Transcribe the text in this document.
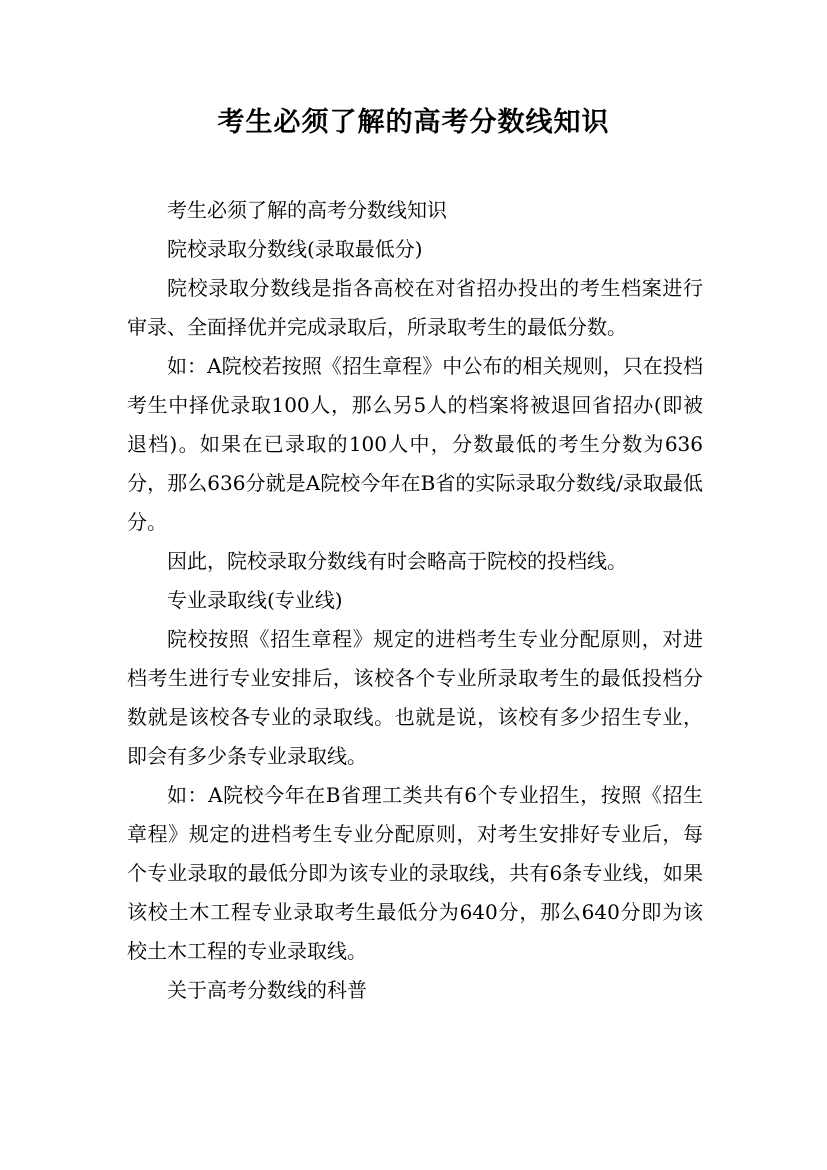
考生必须了解的高考分数线知识

考生必须了解的高考分数线知识

院校录取分数线(录取最低分)

院校录取分数线是指各高校在对省招办投出的考生档案进行审录、全面择优并完成录取后，所录取考生的最低分数。

如：A院校若按照《招生章程》中公布的相关规则，只在投档考生中择优录取100人，那么另5人的档案将被退回省招办(即被退档)。如果在已录取的100人中，分数最低的考生分数为636分，那么636分就是A院校今年在B省的实际录取分数线/录取最低分。

因此，院校录取分数线有时会略高于院校的投档线。

专业录取线(专业线)

院校按照《招生章程》规定的进档考生专业分配原则，对进档考生进行专业安排后，该校各个专业所录取考生的最低投档分数就是该校各专业的录取线。也就是说，该校有多少招生专业，即会有多少条专业录取线。

如：A院校今年在B省理工类共有6个专业招生，按照《招生章程》规定的进档考生专业分配原则，对考生安排好专业后，每个专业录取的最低分即为该专业的录取线，共有6条专业线，如果该校土木工程专业录取考生最低分为640分，那么640分即为该校土木工程的专业录取线。

关于高考分数线的科普
